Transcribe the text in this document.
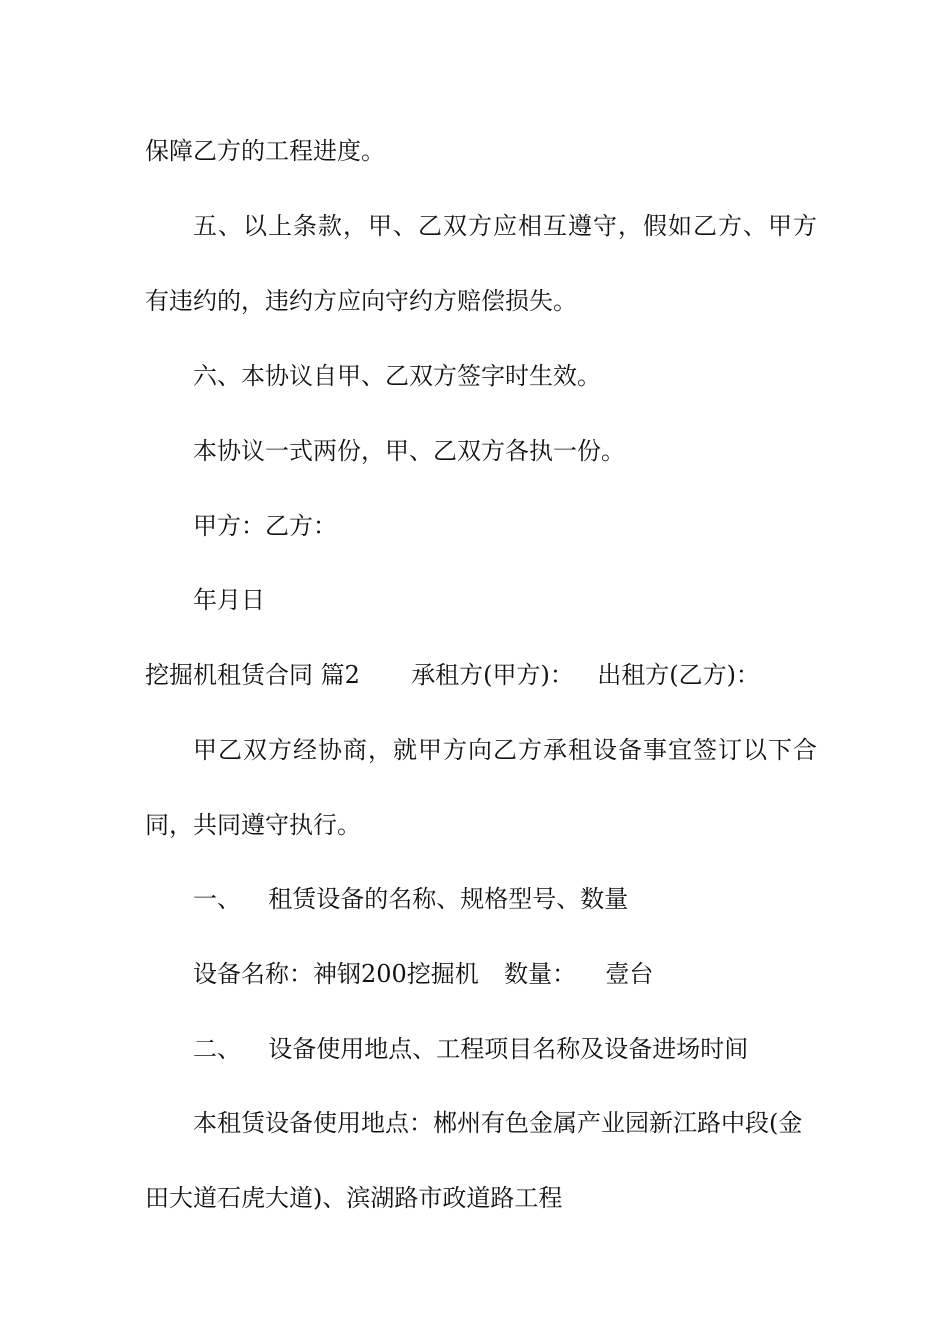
保障乙方的工程进度。
五、以上条款，甲、乙双方应相互遵守，假如乙方、甲方
有违约的，违约方应向守约方赔偿损失。
六、本协议自甲、乙双方签字时生效。
本协议一式两份，甲、乙双方各执一份。
甲方：乙方：
年月日
挖掘机租赁合同 篇2 承租方(甲方)： 出租方(乙方)：
甲乙双方经协商，就甲方向乙方承租设备事宜签订以下合
同，共同遵守执行。
一、 租赁设备的名称、规格型号、数量
设备名称：神钢200挖掘机 数量： 壹台
二、 设备使用地点、工程项目名称及设备进场时间
本租赁设备使用地点：郴州有色金属产业园新江路中段(金
田大道石虎大道)、滨湖路市政道路工程
